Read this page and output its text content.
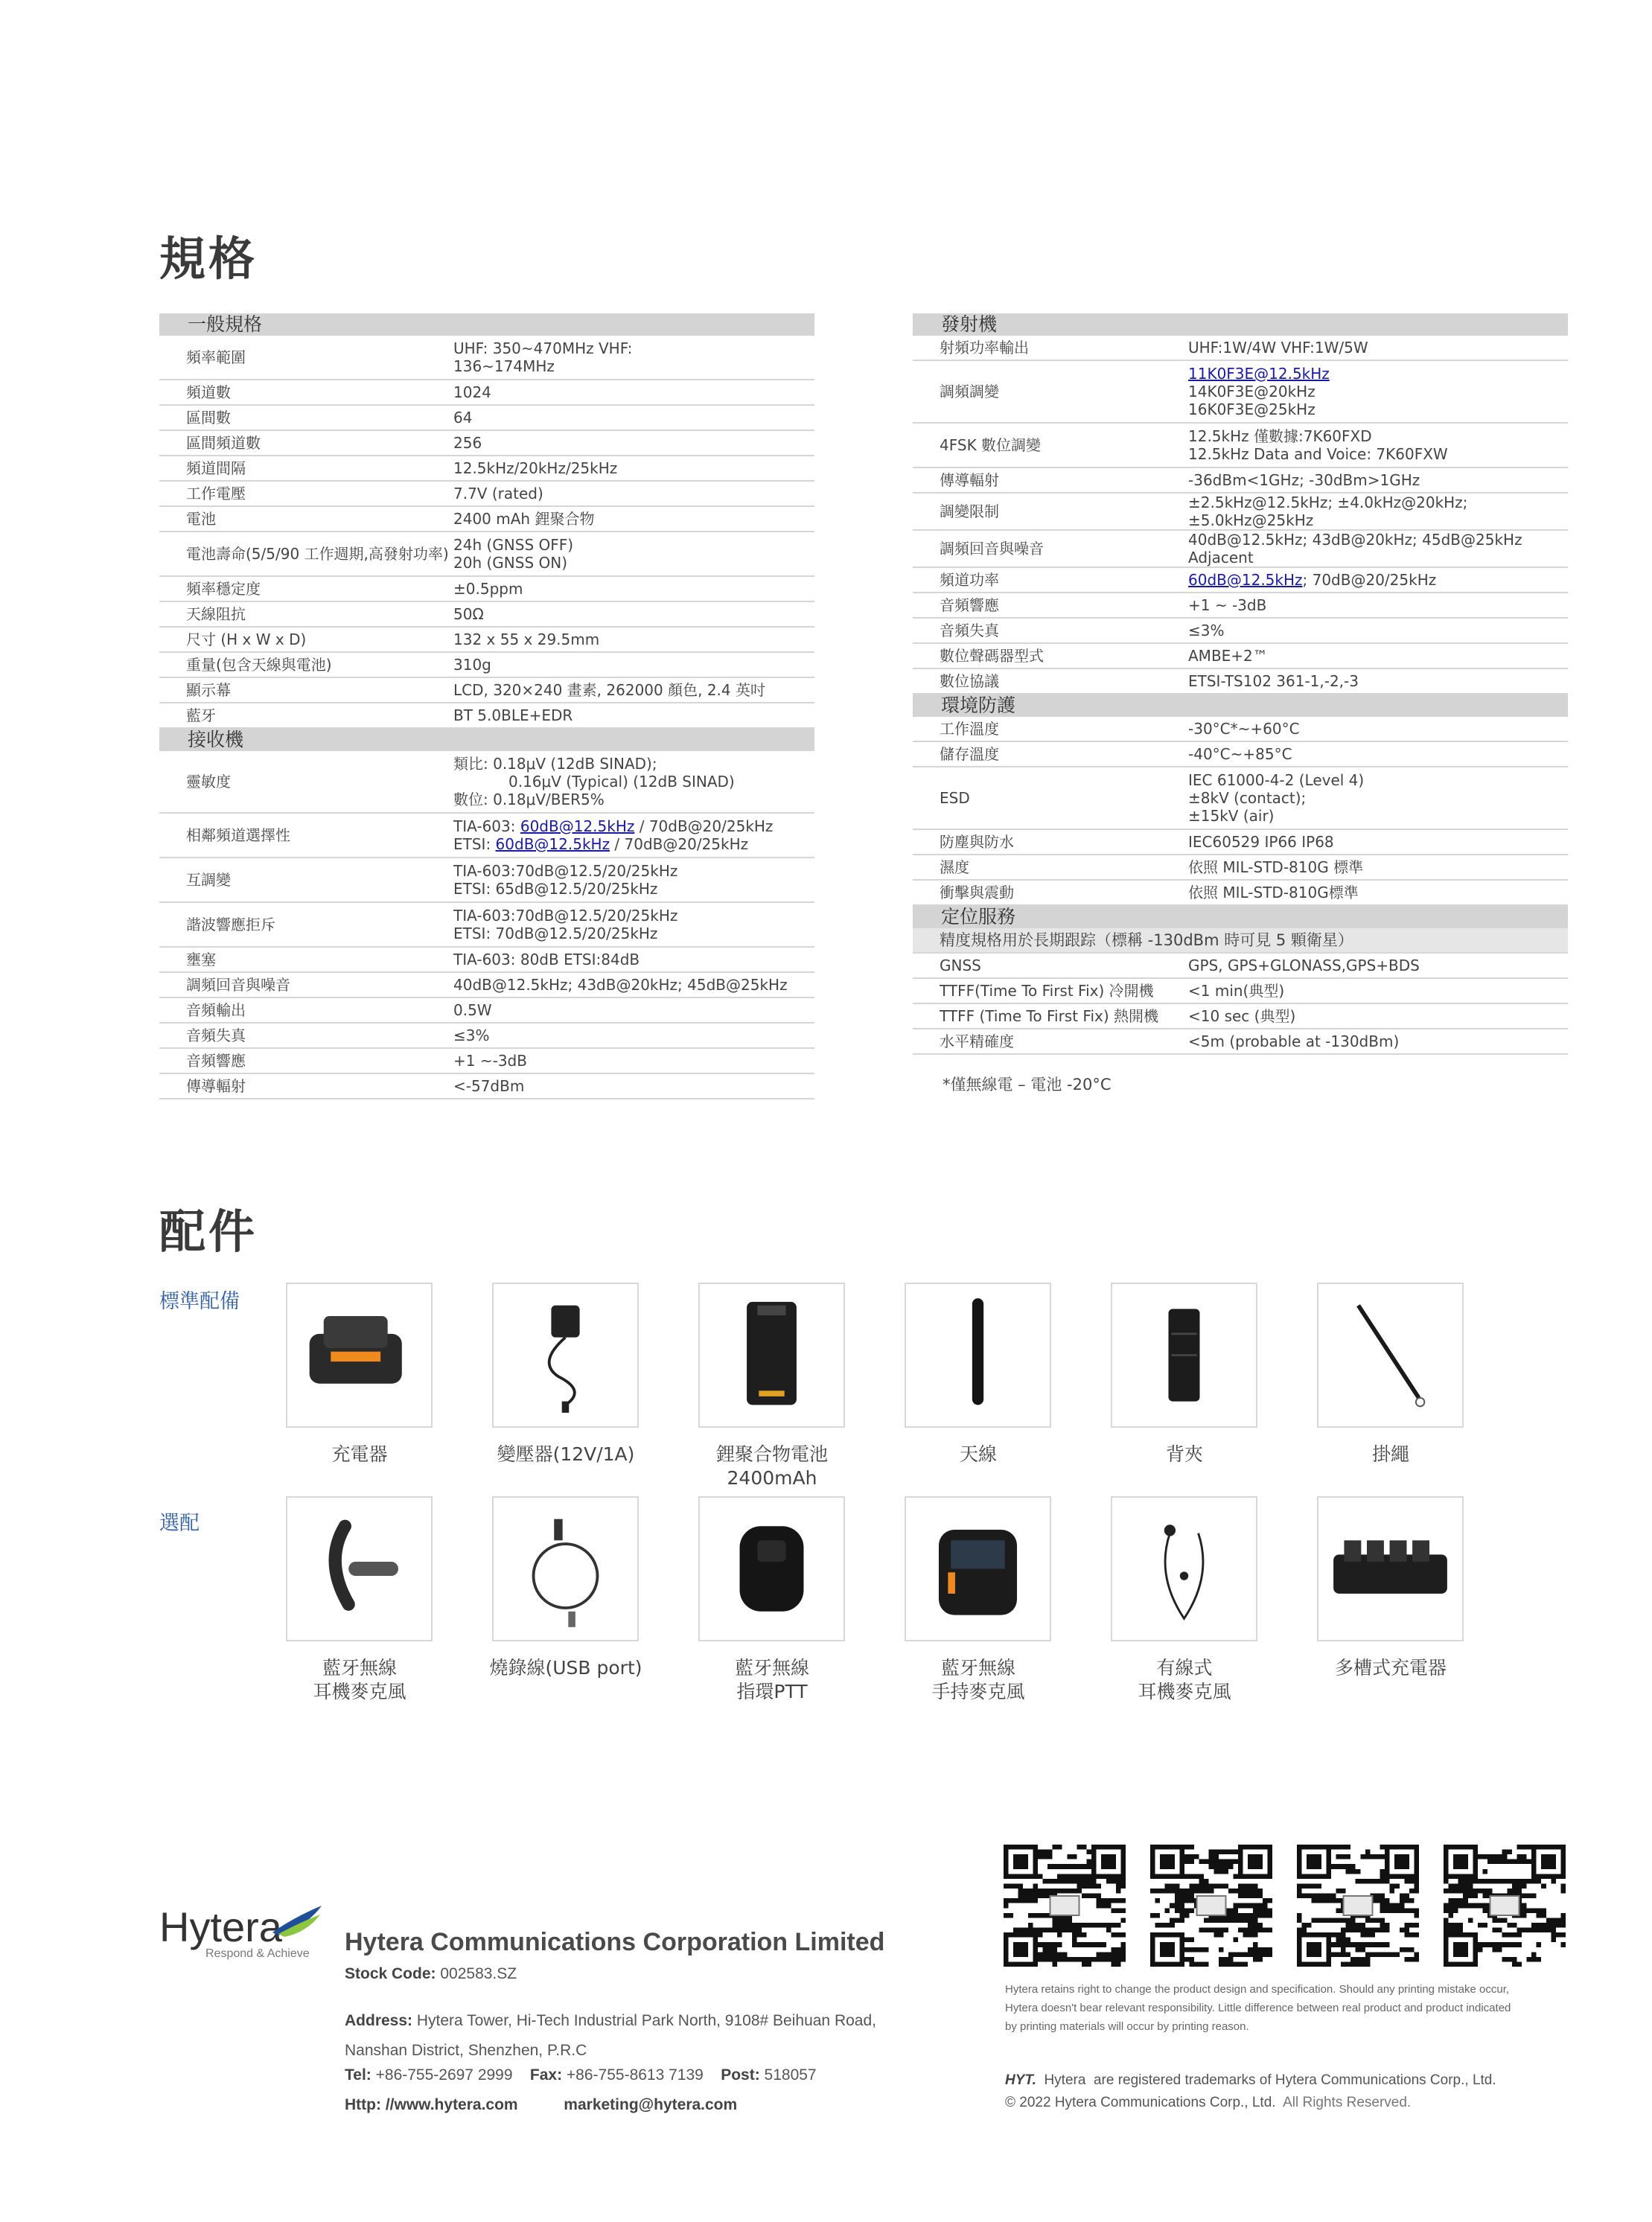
規格
一般規格
頻率範圍	UHF: 350~470MHz VHF:
136~174MHz
頻道數	1024
區間數	64
區間頻道數	256
頻道間隔	12.5kHz/20kHz/25kHz
工作電壓	7.7V (rated)
電池	2400 mAh 鋰聚合物
電池壽命(5/5/90 工作週期,高發射功率) 24h (GNSS OFF)
20h (GNSS ON)
頻率穩定度	±0.5ppm
天線阻抗	50Ω
尺寸 (H x W x D)	132 x 55 x 29.5mm
重量(包含天線與電池)	310g
顯示幕	LCD, 320×240 畫素, 262000 顏色, 2.4 英吋
藍牙	BT 5.0BLE+EDR
接收機
靈敏度
類比: 0.18μV (12dB SINAD);
0.16μV (Typical) (12dB SINAD)
數位: 0.18μV/BER5%
相鄰頻道選擇性	TIA-603: 60dB@12.5kHz / 70dB@20/25kHz
ETSI: 60dB@12.5kHz / 70dB@20/25kHz
互調變	TIA-603:70dB@12.5/20/25kHz
ETSI: 65dB@12.5/20/25kHz
諧波響應拒斥	TIA-603:70dB@12.5/20/25kHz
ETSI: 70dB@12.5/20/25kHz
壅塞	TIA-603: 80dB ETSI:84dB
調頻回音與噪音	40dB@12.5kHz; 43dB@20kHz; 45dB@25kHz
音頻輸出	0.5W
音頻失真	≤3%
音頻響應	+1 ~-3dB
傳導輻射	<-57dBm
發射機
射頻功率輸出	UHF:1W/4W VHF:1W/5W
調頻調變
11K0F3E@12.5kHz
14K0F3E@20kHz
16K0F3E@25kHz
4FSK 數位調變	12.5kHz 僅數據:7K60FXD
12.5kHz Data and Voice: 7K60FXW
傳導輻射	-36dBm<1GHz; -30dBm>1GHz
調變限制	±2.5kHz@12.5kHz; ±4.0kHz@20kHz; ±5.0kHz@25kHz
調頻回音與噪音	40dB@12.5kHz; 43dB@20kHz; 45dB@25kHz Adjacent
頻道功率	60dB@12.5kHz; 70dB@20/25kHz
音頻響應	+1 ~ -3dB
音頻失真	≤3%
數位聲碼器型式	AMBE+2™
數位協議	ETSI-TS102 361-1,-2,-3
環境防護
工作溫度	-30°C*~+60°C
儲存溫度	-40°C~+85°C
ESD
IEC 61000-4-2 (Level 4)
±8kV (contact);
±15kV (air)
防塵與防水	IEC60529 IP66 IP68
濕度	依照 MIL-STD-810G 標準
衝擊與震動	依照 MIL-STD-810G標準
定位服務
精度規格用於長期跟踪（標稱 -130dBm 時可見 5 顆衛星）
GNSS	GPS, GPS+GLONASS,GPS+BDS
TTFF(Time To First Fix) 冷開機	<1 min(典型)
TTFF (Time To First Fix) 熱開機	<10 sec (典型)
水平精確度	<5m (probable at -130dBm)
*僅無線電 – 電池 -20°C
配件
標準配備
選配
充電器	變壓器(12V/1A)	鋰聚合物電池
2400mAh
天線	背夾	掛繩
藍牙無線
耳機麥克風
燒錄線(USB port)	藍牙無線
指環PTT
藍牙無線
手持麥克風
有線式
耳機麥克風
多槽式充電器
Hytera
Respond & Achieve Hytera Communications Corporation Limited
Stock Code: 002583.SZ
Address: Hytera Tower, Hi-Tech Industrial Park North, 9108# Beihuan Road,
Nanshan District, Shenzhen, P.R.C
Tel: +86-755-2697 2999 Fax: +86-755-8613 7139 Post: 518057
Http: //www.hytera.com	marketing@hytera.com
Hytera retains right to change the product design and specification. Should any printing mistake occur,
Hytera doesn't bear relevant responsibility. Little difference between real product and product indicated
by printing materials will occur by printing reason.
HYT. Hytera are registered trademarks of Hytera Communications Corp., Ltd.
© 2022 Hytera Communications Corp., Ltd. All Rights Reserved.
